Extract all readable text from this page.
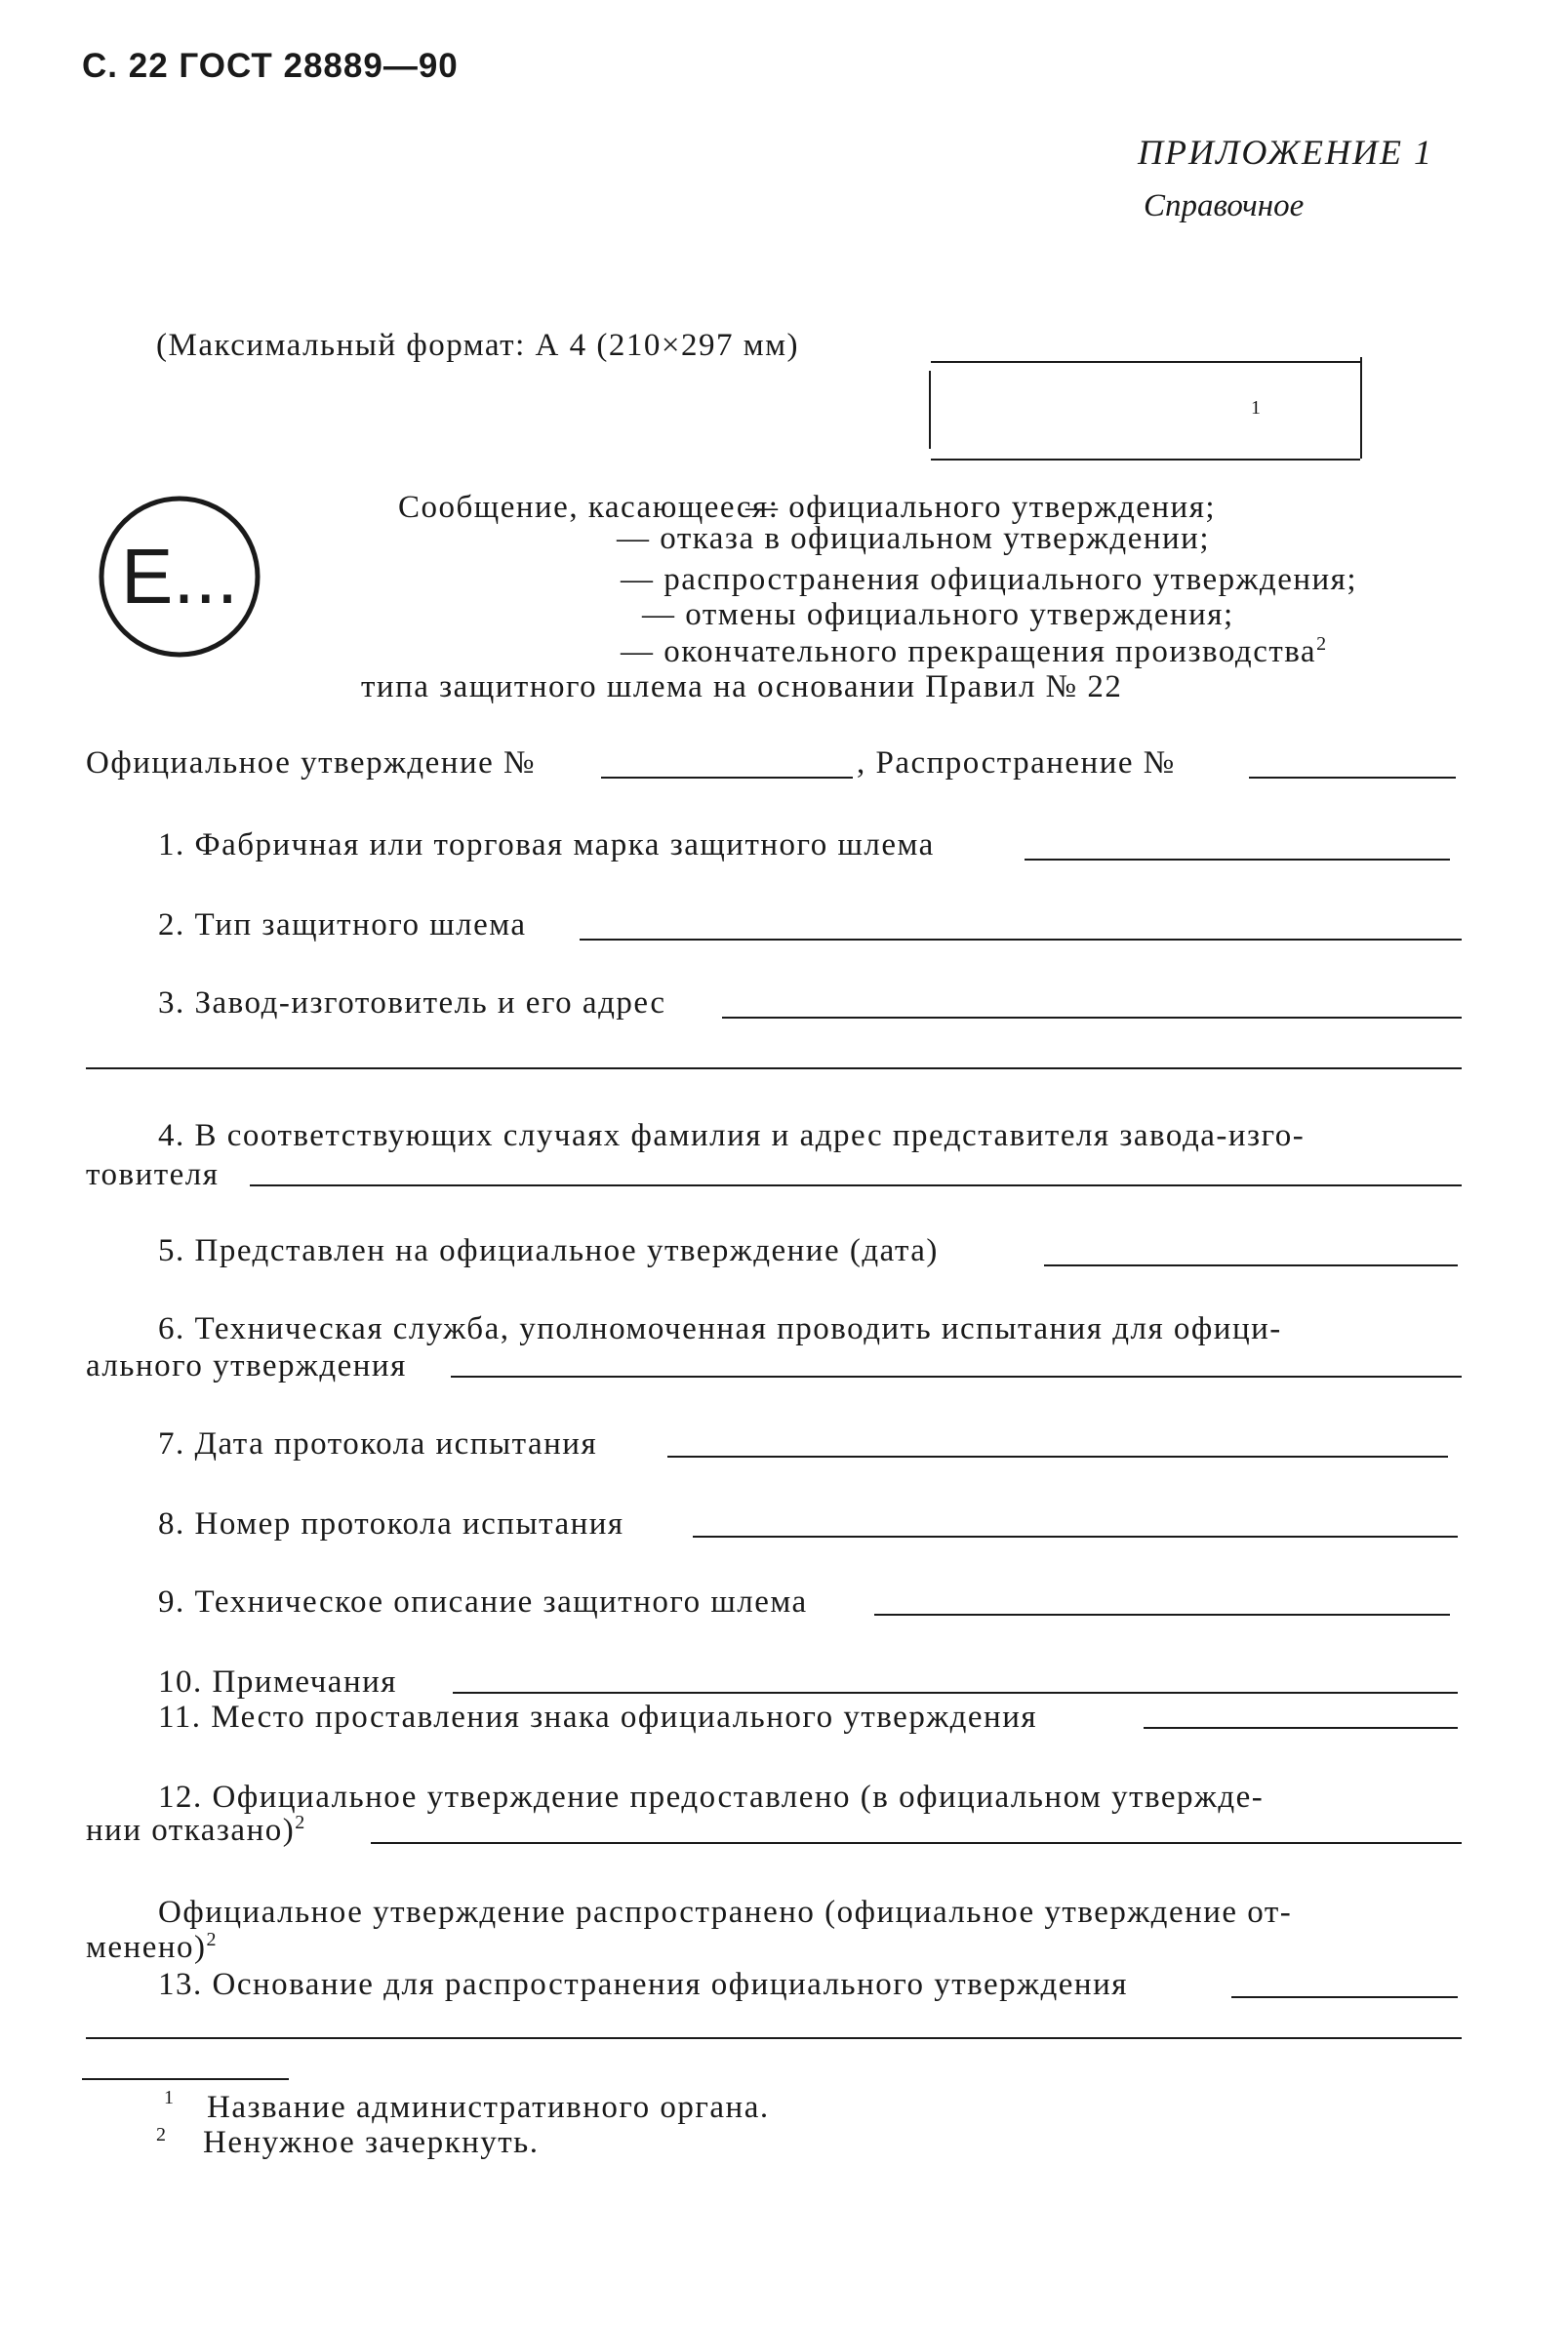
С. 22 ГОСТ 28889—90
ПРИЛОЖЕНИЕ 1
Справочное
(Максимальный формат: А 4 (210×297 мм)
1
E...
Сообщение, касающееся:
— официального утверждения;
— отказа в официальном утверждении;
— распространения официального утверждения;
— отмены официального утверждения;
— окончательного прекращения производства$^2$
типа защитного шлема на основании Правил № 22
Официальное утверждение №	, Распространение №
1. Фабричная или торговая марка защитного шлема
2. Тип защитного шлема
3. Завод-изготовитель и его адрес
4. В соответствующих случаях фамилия и адрес представителя завода-изго-
товителя
5. Представлен на официальное утверждение (дата)
6. Техническая служба, уполномоченная проводить испытания для офици-
ального утверждения
7. Дата протокола испытания
8. Номер протокола испытания
9. Техническое описание защитного шлема
10. Примечания
11. Место проставления знака официального утверждения
12. Официальное утверждение предоставлено (в официальном утвержде-
нии отказано)$^2$
Официальное утверждение распространено (официальное утверждение от-
менено)$^2$
13. Основание для распространения официального утверждения
1 Название административного органа.
2 Ненужное зачеркнуть.
